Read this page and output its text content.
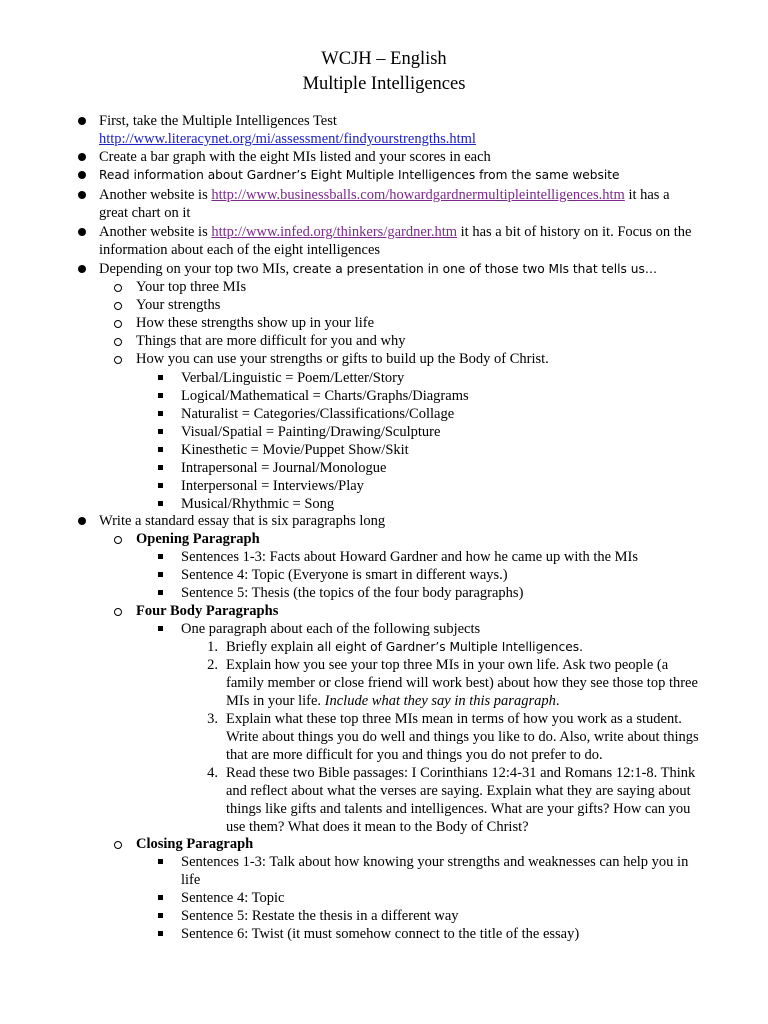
WCJH – English
Multiple Intelligences
First, take the Multiple Intelligences Test
http://www.literacynet.org/mi/assessment/findyourstrengths.html
Create a bar graph with the eight MIs listed and your scores in each
Read information about Gardner’s Eight Multiple Intelligences from the same website
Another website is http://www.businessballs.com/howardgardnermultipleintelligences.htm it has a
great chart on it
Another website is http://www.infed.org/thinkers/gardner.htm it has a bit of history on it. Focus on the
information about each of the eight intelligences
Depending on your top two MIs, create a presentation in one of those two MIs that tells us…
Your top three MIs
Your strengths
How these strengths show up in your life
Things that are more difficult for you and why
How you can use your strengths or gifts to build up the Body of Christ.
Verbal/Linguistic = Poem/Letter/Story
Logical/Mathematical = Charts/Graphs/Diagrams
Naturalist = Categories/Classifications/Collage
Visual/Spatial = Painting/Drawing/Sculpture
Kinesthetic = Movie/Puppet Show/Skit
Intrapersonal = Journal/Monologue
Interpersonal = Interviews/Play
Musical/Rhythmic = Song
Write a standard essay that is six paragraphs long
Opening Paragraph
Sentences 1-3: Facts about Howard Gardner and how he came up with the MIs
Sentence 4: Topic (Everyone is smart in different ways.)
Sentence 5: Thesis (the topics of the four body paragraphs)
Four Body Paragraphs
One paragraph about each of the following subjects
1. Briefly explain all eight of Gardner’s Multiple Intelligences.
2. Explain how you see your top three MIs in your own life. Ask two people (a
family member or close friend will work best) about how they see those top three
MIs in your life. Include what they say in this paragraph.
3. Explain what these top three MIs mean in terms of how you work as a student.
Write about things you do well and things you like to do. Also, write about things
that are more difficult for you and things you do not prefer to do.
4. Read these two Bible passages: I Corinthians 12:4-31 and Romans 12:1-8. Think
and reflect about what the verses are saying. Explain what they are saying about
things like gifts and talents and intelligences. What are your gifts? How can you
use them? What does it mean to the Body of Christ?
Closing Paragraph
Sentences 1-3: Talk about how knowing your strengths and weaknesses can help you in
life
Sentence 4: Topic
Sentence 5: Restate the thesis in a different way
Sentence 6: Twist (it must somehow connect to the title of the essay)
